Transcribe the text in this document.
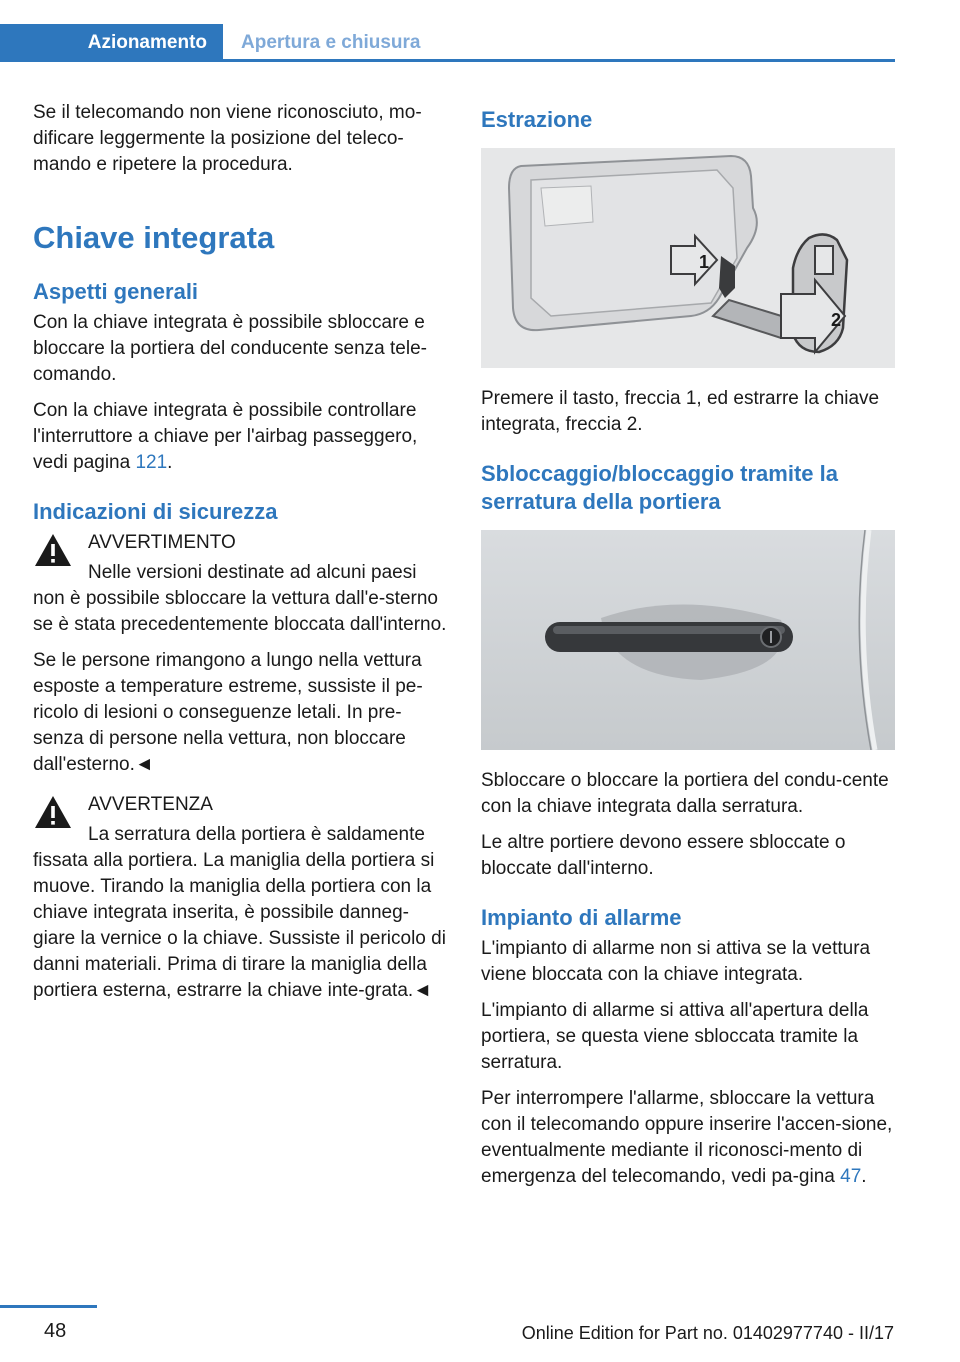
Azionamento	Apertura e chiusura

Se il telecomando non viene riconosciuto, mo-dificare leggermente la posizione del teleco-mando e ripetere la procedura.

Chiave integrata
Aspetti generali

Con la chiave integrata è possibile sbloccare e bloccare la portiera del conducente senza tele-comando.

Con la chiave integrata è possibile controllare l'interruttore a chiave per l'airbag passeggero, vedi pagina 121.

Indicazioni di sicurezza

AVVERTIMENTO

Nelle versioni destinate ad alcuni paesi non è possibile sbloccare la vettura dall'e-sterno se è stata precedentemente bloccata dall'interno.

Se le persone rimangono a lungo nella vettura esposte a temperature estreme, sussiste il pe-ricolo di lesioni o conseguenze letali. In pre-senza di persone nella vettura, non bloccare dall'esterno.◄

AVVERTENZA

La serratura della portiera è saldamente fissata alla portiera. La maniglia della portiera si muove. Tirando la maniglia della portiera con la chiave integrata inserita, è possibile danneg-giare la vernice o la chiave. Sussiste il pericolo di danni materiali. Prima di tirare la maniglia della portiera esterna, estrarre la chiave inte-grata.◄

Estrazione
1
2

Premere il tasto, freccia 1, ed estrarre la chiave integrata, freccia 2.

Sbloccaggio/bloccaggio tramite la serratura della portiera

Sbloccare o bloccare la portiera del condu-cente con la chiave integrata dalla serratura.

Le altre portiere devono essere sbloccate o bloccate dall'interno.

Impianto di allarme

L'impianto di allarme non si attiva se la vettura viene bloccata con la chiave integrata.

L'impianto di allarme si attiva all'apertura della portiera, se questa viene sbloccata tramite la serratura.

Per interrompere l'allarme, sbloccare la vettura con il telecomando oppure inserire l'accen-sione, eventualmente mediante il riconosci-mento di emergenza del telecomando, vedi pa-gina 47.

48	Online Edition for Part no. 01402977740 - II/17
